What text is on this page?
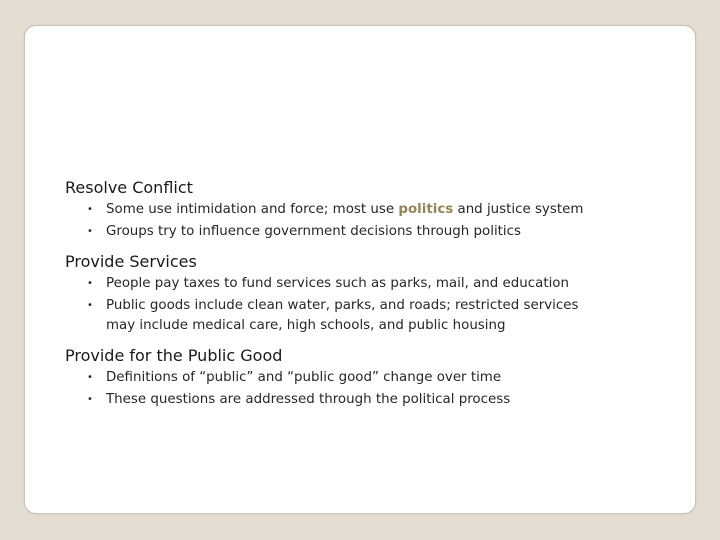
Resolve Conflict
• Some use intimidation and force; most use politics and justice system
• Groups try to influence government decisions through politics
Provide Services
• People pay taxes to fund services such as parks, mail, and education
• Public goods include clean water, parks, and roads; restricted services
may include medical care, high schools, and public housing
Provide for the Public Good
• Definitions of “public” and “public good” change over time
• These questions are addressed through the political process
